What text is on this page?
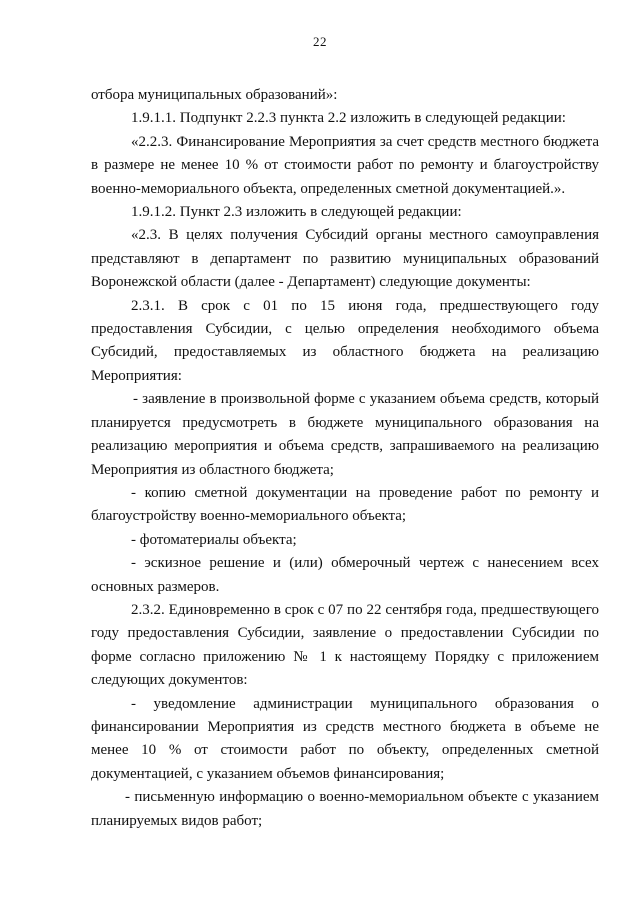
22

отбора муниципальных образований»:

1.9.1.1. Подпункт 2.2.3 пункта 2.2 изложить в следующей редакции:

«2.2.3. Финансирование Мероприятия за счет средств местного бюджета в размере не менее 10 % от стоимости работ по ремонту и благоустройству военно-мемориального объекта, определенных сметной документацией.».

1.9.1.2. Пункт 2.3 изложить в следующей редакции:

«2.3. В целях получения Субсидий органы местного самоуправления представляют в департамент по развитию муниципальных образований Воронежской области (далее - Департамент) следующие документы:

2.3.1. В срок с 01 по 15 июня года, предшествующего году предоставления Субсидии, с целью определения необходимого объема Субсидий, предоставляемых из областного бюджета на реализацию Мероприятия:

- заявление в произвольной форме с указанием объема средств, который планируется предусмотреть в бюджете муниципального образования на реализацию мероприятия и объема средств, запрашиваемого на реализацию Мероприятия из областного бюджета;

- копию сметной документации на проведение работ по ремонту и благоустройству военно-мемориального объекта;

- фотоматериалы объекта;

- эскизное решение и (или) обмерочный чертеж с нанесением всех основных размеров.

2.3.2. Единовременно в срок с 07 по 22 сентября года, предшествующего году предоставления Субсидии, заявление о предоставлении Субсидии по форме согласно приложению № 1 к настоящему Порядку с приложением следующих документов:

- уведомление администрации муниципального образования о финансировании Мероприятия из средств местного бюджета в объеме не менее 10 % от стоимости работ по объекту, определенных сметной документацией, с указанием объемов финансирования;

- письменную информацию о военно-мемориальном объекте с указанием планируемых видов работ;
